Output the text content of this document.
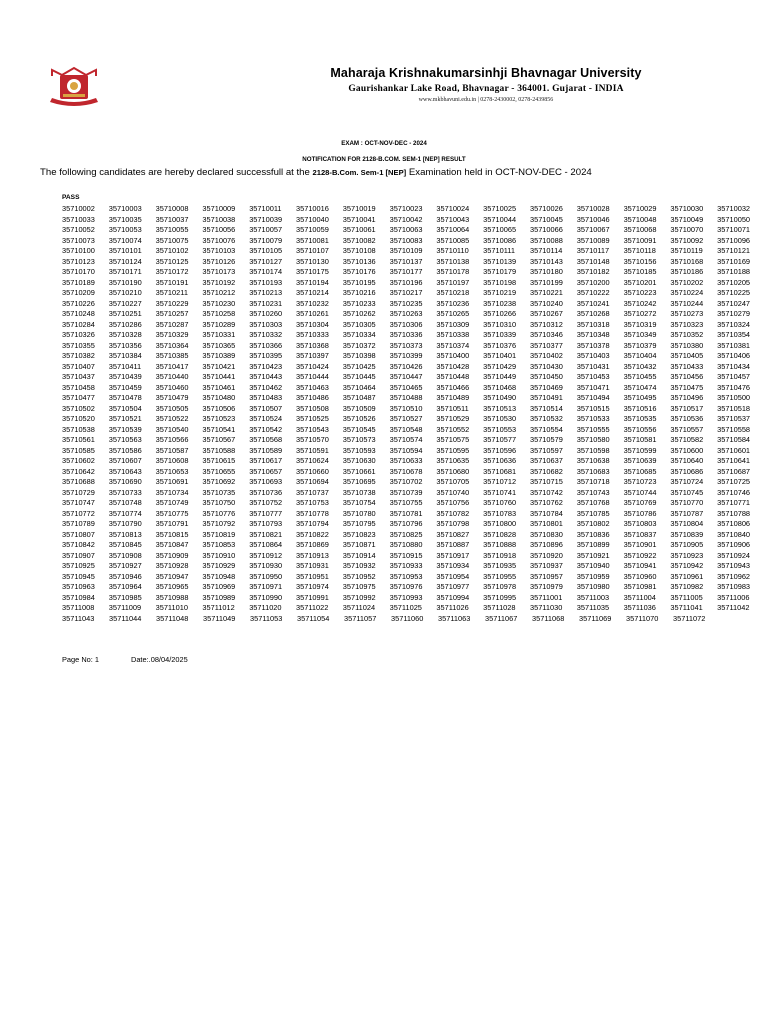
Maharaja Krishnakumarsinhji Bhavnagar University
Gaurishankar Lake Road, Bhavnagar - 364001. Gujarat - INDIA
www.mkbhavuni.edu.in | 0278-2430002, 0278-2439856
EXAM : OCT-NOV-DEC - 2024
NOTIFICATION FOR 2128-B.COM. SEM-1 [NEP] RESULT
The following candidates are hereby declared successfull at the 2128-B.Com. Sem-1 [NEP] Examination held in OCT-NOV-DEC - 2024
PASS
35710002	35710003	35710008	35710009	35710011	35710016	35710019	35710023	35710024	35710025	35710026	35710028	35710029	35710030	35710032
35710033	35710035	35710037	35710038	35710039	35710040	35710041	35710042	35710043	35710044	35710045	35710046	35710048	35710049	35710050
35710052	35710053	35710055	35710056	35710057	35710059	35710061	35710063	35710064	35710065	35710066	35710067	35710068	35710070	35710071
35710073	35710074	35710075	35710076	35710079	35710081	35710082	35710083	35710085	35710086	35710088	35710089	35710091	35710092	35710096
35710100	35710101	35710102	35710103	35710105	35710107	35710108	35710109	35710110	35710111	35710114	35710117	35710118	35710119	35710121
35710123	35710124	35710125	35710126	35710127	35710130	35710136	35710137	35710138	35710139	35710143	35710148	35710156	35710168	35710169
35710170	35710171	35710172	35710173	35710174	35710175	35710176	35710177	35710178	35710179	35710180	35710182	35710185	35710186	35710188
35710189	35710190	35710191	35710192	35710193	35710194	35710195	35710196	35710197	35710198	35710199	35710200	35710201	35710202	35710205
35710209	35710210	35710211	35710212	35710213	35710214	35710216	35710217	35710218	35710219	35710221	35710222	35710223	35710224	35710225
35710226	35710227	35710229	35710230	35710231	35710232	35710233	35710235	35710236	35710238	35710240	35710241	35710242	35710244	35710247
35710248	35710251	35710257	35710258	35710260	35710261	35710262	35710263	35710265	35710266	35710267	35710268	35710272	35710273	35710279
35710284	35710286	35710287	35710289	35710303	35710304	35710305	35710306	35710309	35710310	35710312	35710318	35710319	35710323	35710324
35710326	35710328	35710329	35710331	35710332	35710333	35710334	35710336	35710338	35710339	35710346	35710348	35710349	35710352	35710354
35710355	35710356	35710364	35710365	35710366	35710368	35710372	35710373	35710374	35710376	35710377	35710378	35710379	35710380	35710381
35710382	35710384	35710385	35710389	35710395	35710397	35710398	35710399	35710400	35710401	35710402	35710403	35710404	35710405	35710406
35710407	35710411	35710417	35710421	35710423	35710424	35710425	35710426	35710428	35710429	35710430	35710431	35710432	35710433	35710434
35710437	35710439	35710440	35710441	35710443	35710444	35710445	35710447	35710448	35710449	35710450	35710453	35710455	35710456	35710457
35710458	35710459	35710460	35710461	35710462	35710463	35710464	35710465	35710466	35710468	35710469	35710471	35710474	35710475	35710476
35710477	35710478	35710479	35710480	35710483	35710486	35710487	35710488	35710489	35710490	35710491	35710494	35710495	35710496	35710500
35710502	35710504	35710505	35710506	35710507	35710508	35710509	35710510	35710511	35710513	35710514	35710515	35710516	35710517	35710518
35710520	35710521	35710522	35710523	35710524	35710525	35710526	35710527	35710529	35710530	35710532	35710533	35710535	35710536	35710537
35710538	35710539	35710540	35710541	35710542	35710543	35710545	35710548	35710552	35710553	35710554	35710555	35710556	35710557	35710558
35710561	35710563	35710566	35710567	35710568	35710570	35710573	35710574	35710575	35710577	35710579	35710580	35710581	35710582	35710584
35710585	35710586	35710587	35710588	35710589	35710591	35710593	35710594	35710595	35710596	35710597	35710598	35710599	35710600	35710601
35710602	35710607	35710608	35710615	35710617	35710624	35710630	35710633	35710635	35710636	35710637	35710638	35710639	35710640	35710641
35710642	35710643	35710653	35710655	35710657	35710660	35710661	35710678	35710680	35710681	35710682	35710683	35710685	35710686	35710687
35710688	35710690	35710691	35710692	35710693	35710694	35710695	35710702	35710705	35710712	35710715	35710718	35710723	35710724	35710725
35710729	35710733	35710734	35710735	35710736	35710737	35710738	35710739	35710740	35710741	35710742	35710743	35710744	35710745	35710746
35710747	35710748	35710749	35710750	35710752	35710753	35710754	35710755	35710756	35710760	35710762	35710768	35710769	35710770	35710771
35710772	35710774	35710775	35710776	35710777	35710778	35710780	35710781	35710782	35710783	35710784	35710785	35710786	35710787	35710788
35710789	35710790	35710791	35710792	35710793	35710794	35710795	35710796	35710798	35710800	35710801	35710802	35710803	35710804	35710806
35710807	35710813	35710815	35710819	35710821	35710822	35710823	35710825	35710827	35710828	35710830	35710836	35710837	35710839	35710840
35710842	35710845	35710847	35710853	35710864	35710869	35710871	35710880	35710887	35710888	35710896	35710899	35710901	35710905	35710906
35710907	35710908	35710909	35710910	35710912	35710913	35710914	35710915	35710917	35710918	35710920	35710921	35710922	35710923	35710924
35710925	35710927	35710928	35710929	35710930	35710931	35710932	35710933	35710934	35710935	35710937	35710940	35710941	35710942	35710943
35710945	35710946	35710947	35710948	35710950	35710951	35710952	35710953	35710954	35710955	35710957	35710959	35710960	35710961	35710962
35710963	35710964	35710965	35710969	35710971	35710974	35710975	35710976	35710977	35710978	35710979	35710980	35710981	35710982	35710983
35710984	35710985	35710988	35710989	35710990	35710991	35710992	35710993	35710994	35710995	35711001	35711003	35711004	35711005	35711006
35711008	35711009	35711010	35711012	35711020	35711022	35711024	35711025	35711026	35711028	35711030	35711035	35711036	35711041	35711042
35711043	35711044	35711048	35711049	35711053	35711054	35711057	35711060	35711063	35711067	35711068	35711069	35711070	35711072
Page No: 1	Date:.08/04/2025
